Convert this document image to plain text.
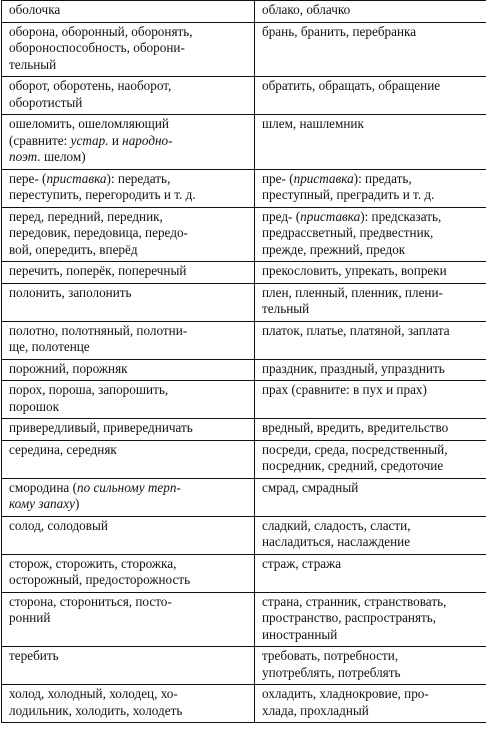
оболочка	облако, облачко

оборона, оборонный, оборонять,
обороноспособность, оборони-
тельный	брань, бранить, перебранка

оборот, оборотень, наоборот,
оборотистый	обратить, обращать, обращение

ошеломить, ошеломляющий
(сравните: устар. и народно-
поэт. шелом)	шлем, нашлемник

пере- (приставка): передать,
переступить, перегородить и т. д.	пре- (приставка): предать,
преступный, преградить и т. д.

перед, передний, передник,
передовик, передовица, передо-
вой, опередить, вперёд	пред- (приставка): предсказать,
предрассветный, предвестник,
прежде, прежний, предок

перечить, поперёк, поперечный	прекословить, упрекать, вопреки

полонить, заполонить	плен, пленный, пленник, плени-
тельный

полотно, полотняный, полотни-
ще, полотенце	платок, платье, платяной, заплата

порожний, порожняк	праздник, праздный, упразднить

порох, пороша, запорошить,
порошок	прах (сравните: в пух и прах)

привередливый, привередничать	вредный, вредить, вредительство

середина, середняк	посреди, среда, посредственный,
посредник, средний, средоточие

смородина (по сильному терп-
кому запаху)	смрад, смрадный

солод, солодовый	сладкий, сладость, сласти,
насладиться, наслаждение

сторож, сторожить, сторожка,
осторожный, предосторожность	страж, стража

сторона, сторониться, посто-
ронний	страна, странник, странствовать,
пространство, распространять,
иностранный

теребить	требовать, потребности,
употреблять, потреблять

холод, холодный, холодец, хо-
лодильник, холодить, холодеть	охладить, хладнокровие, про-
хлада, прохладный
